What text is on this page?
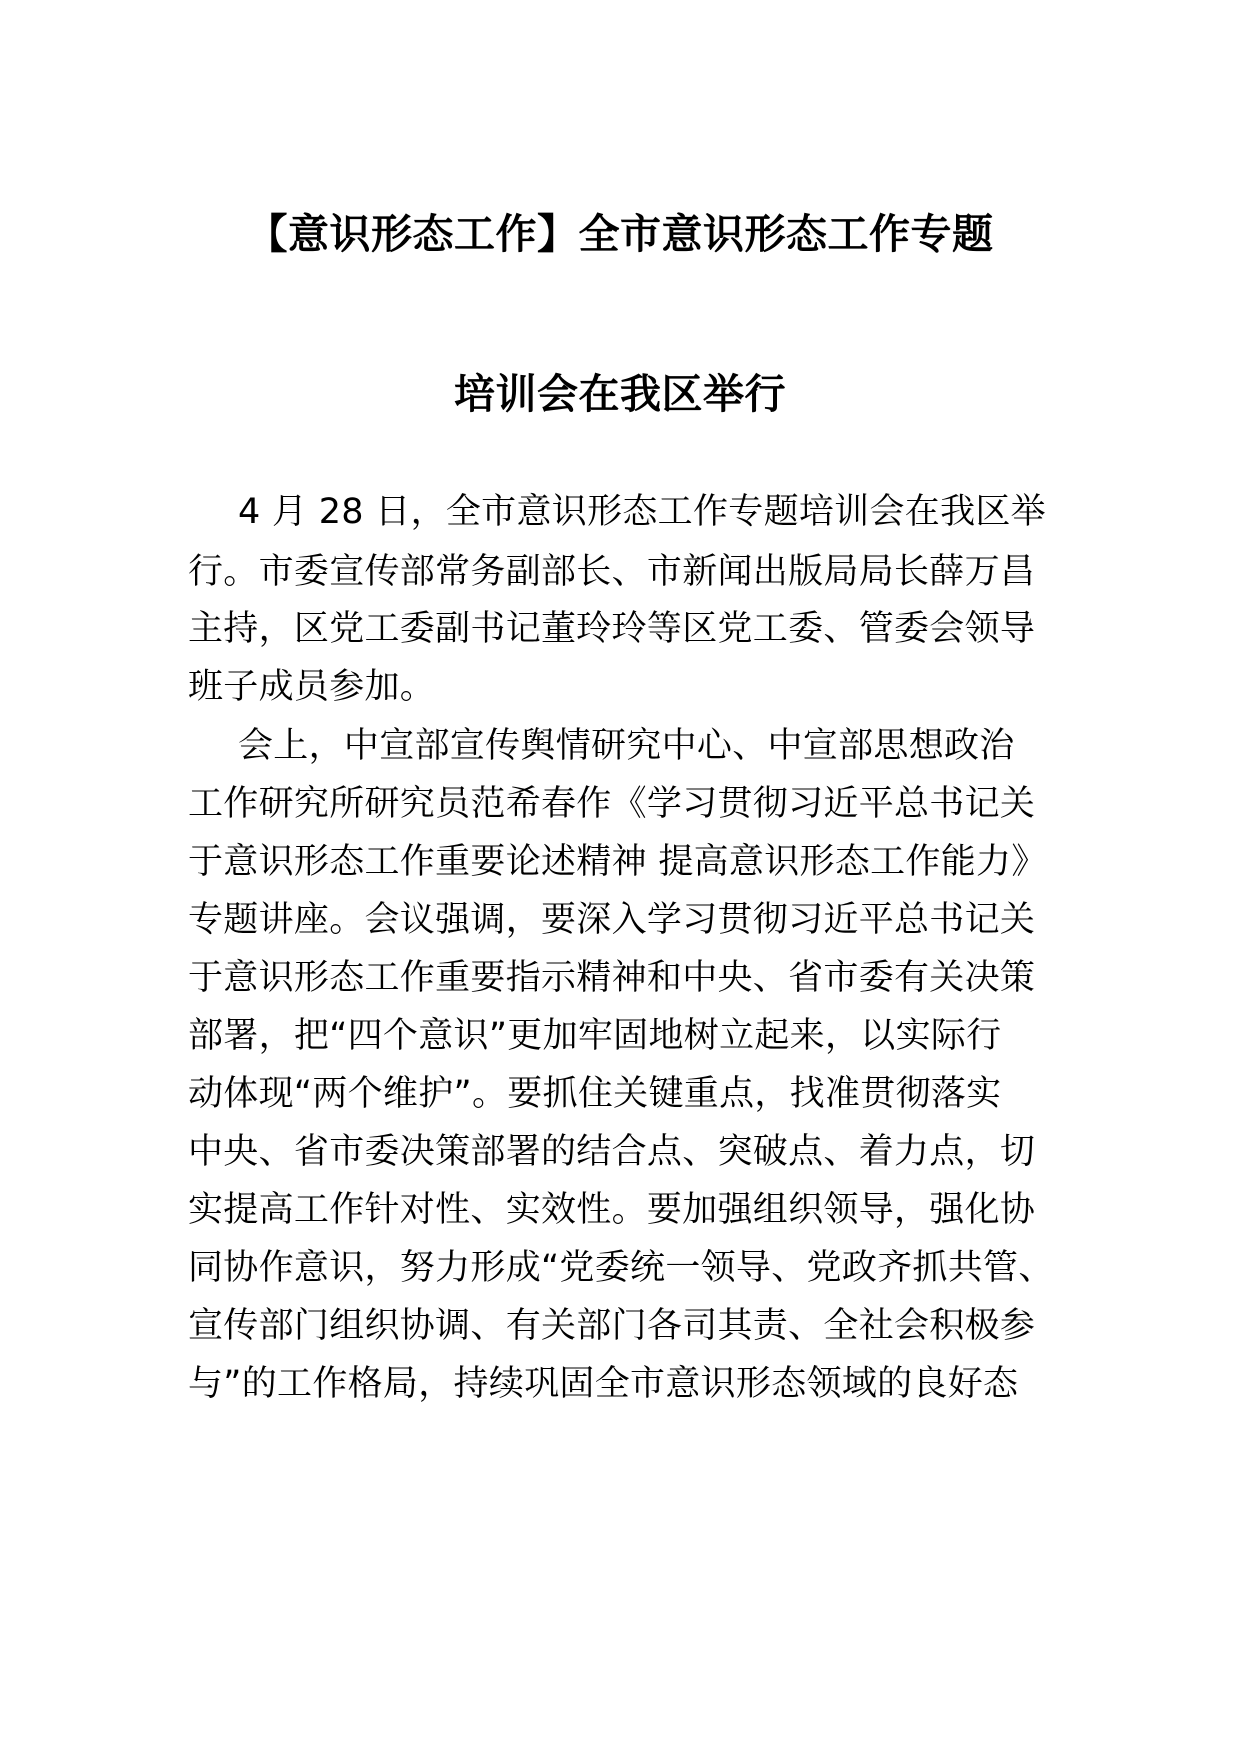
【意识形态工作】全市意识形态工作专题
培训会在我区举行
4 月 28 日，全市意识形态工作专题培训会在我区举
行。市委宣传部常务副部长、市新闻出版局局长薛万昌
主持，区党工委副书记董玲玲等区党工委、管委会领导
班子成员参加。
会上，中宣部宣传舆情研究中心、中宣部思想政治
工作研究所研究员范希春作《学习贯彻习近平总书记关
于意识形态工作重要论述精神 提高意识形态工作能力》
专题讲座。会议强调，要深入学习贯彻习近平总书记关
于意识形态工作重要指示精神和中央、省市委有关决策
部署，把“四个意识”更加牢固地树立起来，以实际行
动体现“两个维护”。要抓住关键重点，找准贯彻落实
中央、省市委决策部署的结合点、突破点、着力点，切
实提高工作针对性、实效性。要加强组织领导，强化协
同协作意识，努力形成“党委统一领导、党政齐抓共管、
宣传部门组织协调、有关部门各司其责、全社会积极参
与”的工作格局，持续巩固全市意识形态领域的良好态
